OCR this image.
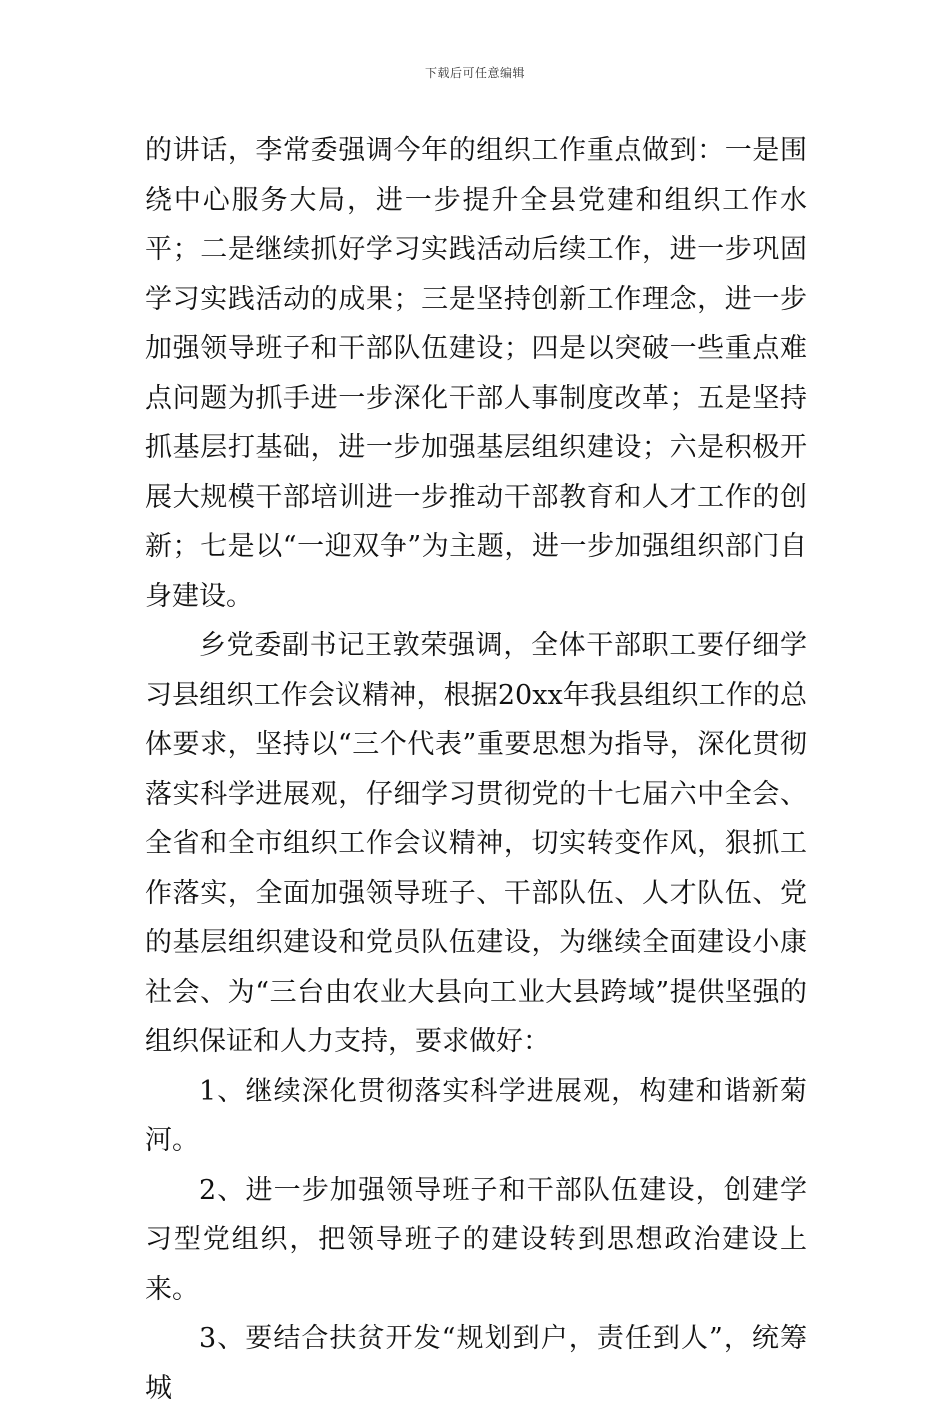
下载后可任意编辑

的讲话，李常委强调今年的组织工作重点做到：一是围绕中心服务大局，进一步提升全县党建和组织工作水平；二是继续抓好学习实践活动后续工作，进一步巩固学习实践活动的成果；三是坚持创新工作理念，进一步加强领导班子和干部队伍建设；四是以突破一些重点难点问题为抓手进一步深化干部人事制度改革；五是坚持抓基层打基础，进一步加强基层组织建设；六是积极开展大规模干部培训进一步推动干部教育和人才工作的创新；七是以“一迎双争”为主题，进一步加强组织部门自身建设。

乡党委副书记王敦荣强调，全体干部职工要仔细学习县组织工作会议精神，根据20xx年我县组织工作的总体要求，坚持以“三个代表”重要思想为指导，深化贯彻落实科学进展观，仔细学习贯彻党的十七届六中全会、全省和全市组织工作会议精神，切实转变作风，狠抓工作落实，全面加强领导班子、干部队伍、人才队伍、党的基层组织建设和党员队伍建设，为继续全面建设小康社会、为“三台由农业大县向工业大县跨域”提供坚强的组织保证和人力支持，要求做好：

1、继续深化贯彻落实科学进展观，构建和谐新菊河。

2、进一步加强领导班子和干部队伍建设，创建学习型党组织，把领导班子的建设转到思想政治建设上来。

3、要结合扶贫开发“规划到户，责任到人”，统筹城
